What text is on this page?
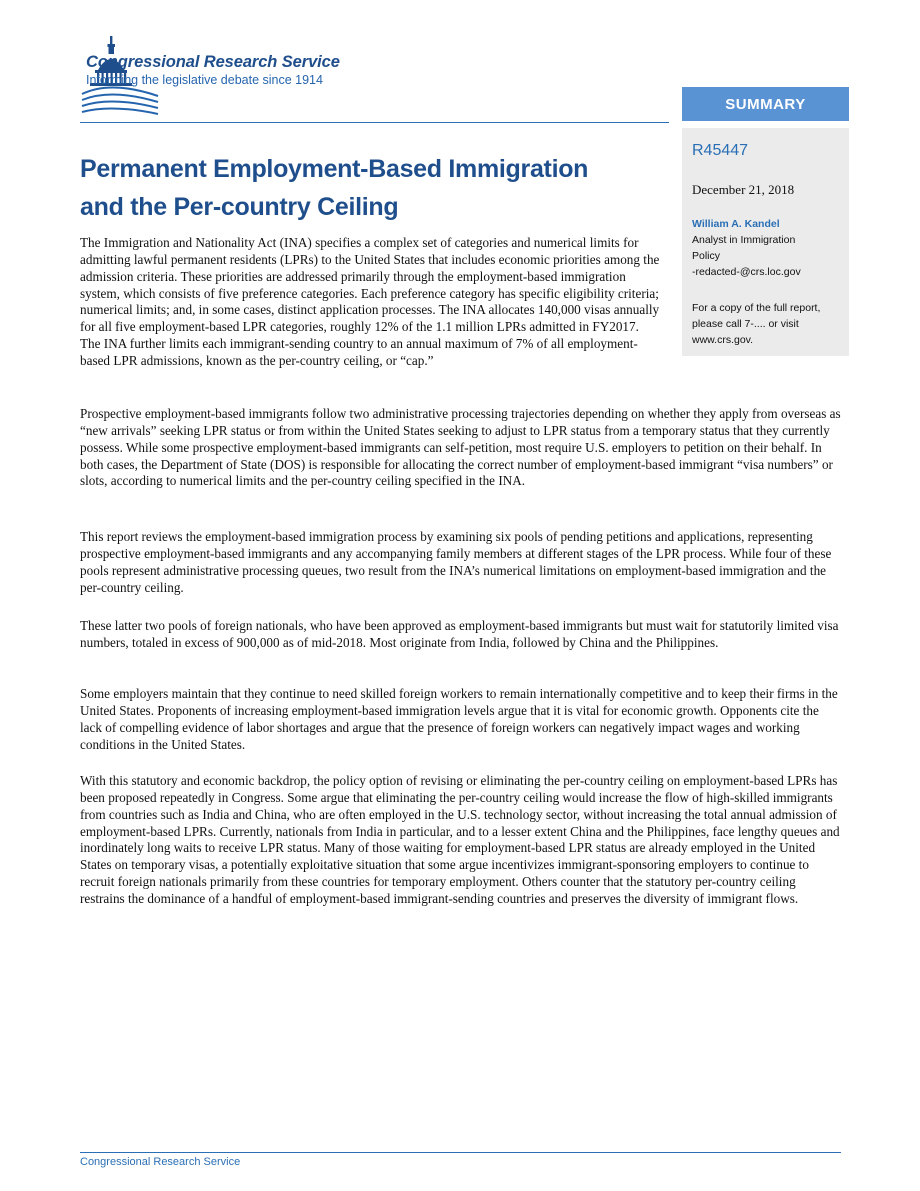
Congressional Research Service
Informing the legislative debate since 1914
SUMMARY
R45447
December 21, 2018
William A. Kandel
Analyst in Immigration
Policy
-redacted-@crs.loc.gov
For a copy of the full report,
please call 7-.... or visit
www.crs.gov.
Permanent Employment-Based Immigration
and the Per-country Ceiling

The Immigration and Nationality Act (INA) specifies a complex set of categories and numerical limits for admitting lawful permanent residents (LPRs) to the United States that includes economic priorities among the admission criteria. These priorities are addressed primarily through the employment-based immigration system, which consists of five preference categories. Each preference category has specific eligibility criteria; numerical limits; and, in some cases, distinct application processes. The INA allocates 140,000 visas annually for all five employment-based LPR categories, roughly 12% of the 1.1 million LPRs admitted in FY2017. The INA further limits each immigrant-sending country to an annual maximum of 7% of all employment-based LPR admissions, known as the per-country ceiling, or “cap.”

Prospective employment-based immigrants follow two administrative processing trajectories depending on whether they apply from overseas as “new arrivals” seeking LPR status or from within the United States seeking to adjust to LPR status from a temporary status that they currently possess. While some prospective employment-based immigrants can self-petition, most require U.S. employers to petition on their behalf. In both cases, the Department of State (DOS) is responsible for allocating the correct number of employment-based immigrant “visa numbers” or slots, according to numerical limits and the per-country ceiling specified in the INA.

This report reviews the employment-based immigration process by examining six pools of pending petitions and applications, representing prospective employment-based immigrants and any accompanying family members at different stages of the LPR process. While four of these pools represent administrative processing queues, two result from the INA’s numerical limitations on employment-based immigration and the per-country ceiling.

These latter two pools of foreign nationals, who have been approved as employment-based immigrants but must wait for statutorily limited visa numbers, totaled in excess of 900,000 as of mid-2018. Most originate from India, followed by China and the Philippines.

Some employers maintain that they continue to need skilled foreign workers to remain internationally competitive and to keep their firms in the United States. Proponents of increasing employment-based immigration levels argue that it is vital for economic growth. Opponents cite the lack of compelling evidence of labor shortages and argue that the presence of foreign workers can negatively impact wages and working conditions in the United States.

With this statutory and economic backdrop, the policy option of revising or eliminating the per-country ceiling on employment-based LPRs has been proposed repeatedly in Congress. Some argue that eliminating the per-country ceiling would increase the flow of high-skilled immigrants from countries such as India and China, who are often employed in the U.S. technology sector, without increasing the total annual admission of employment-based LPRs. Currently, nationals from India in particular, and to a lesser extent China and the Philippines, face lengthy queues and inordinately long waits to receive LPR status. Many of those waiting for employment-based LPR status are already employed in the United States on temporary visas, a potentially exploitative situation that some argue incentivizes immigrant-sponsoring employers to continue to recruit foreign nationals primarily from these countries for temporary employment. Others counter that the statutory per-country ceiling restrains the dominance of a handful of employment-based immigrant-sending countries and preserves the diversity of immigrant flows.

Congressional Research Service
